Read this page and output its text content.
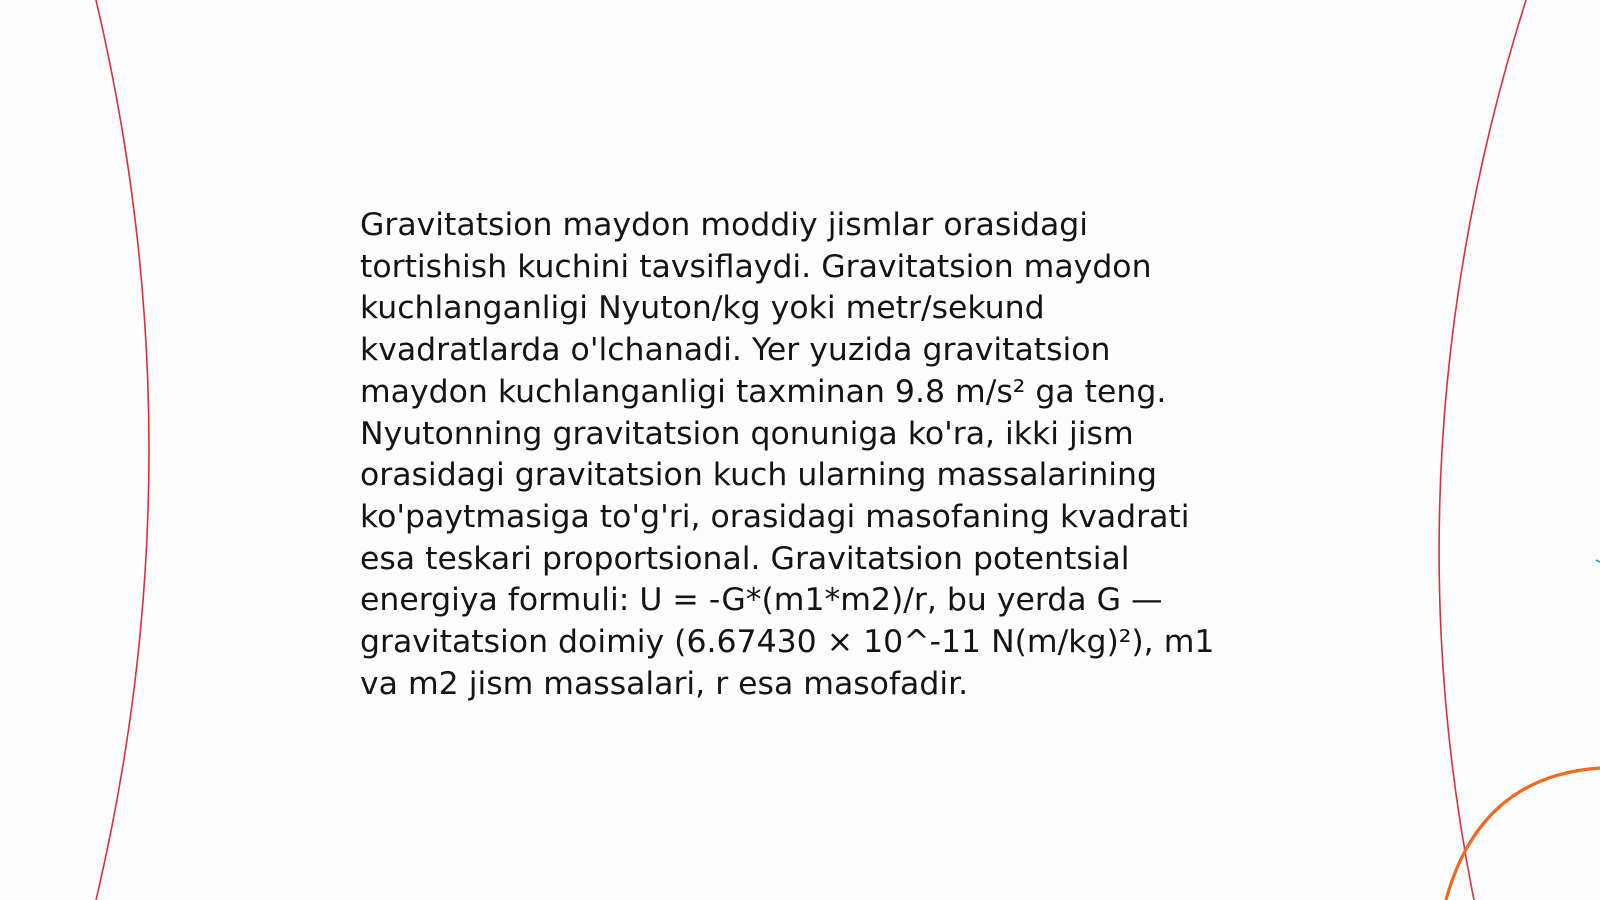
Gravitatsion maydon moddiy jismlar orasidagi
tortishish kuchini tavsiflaydi. Gravitatsion maydon
kuchlanganligi Nyuton/kg yoki metr/sekund
kvadratlarda o'lchanadi. Yer yuzida gravitatsion
maydon kuchlanganligi taxminan 9.8 m/s² ga teng.
Nyutonning gravitatsion qonuniga ko'ra, ikki jism
orasidagi gravitatsion kuch ularning massalarining
ko'paytmasiga to'g'ri, orasidagi masofaning kvadrati
esa teskari proportsional. Gravitatsion potentsial
energiya formuli: U = -G*(m1*m2)/r, bu yerda G —
gravitatsion doimiy (6.67430 × 10^-11 N(m/kg)²), m1
va m2 jism massalari, r esa masofadir.
